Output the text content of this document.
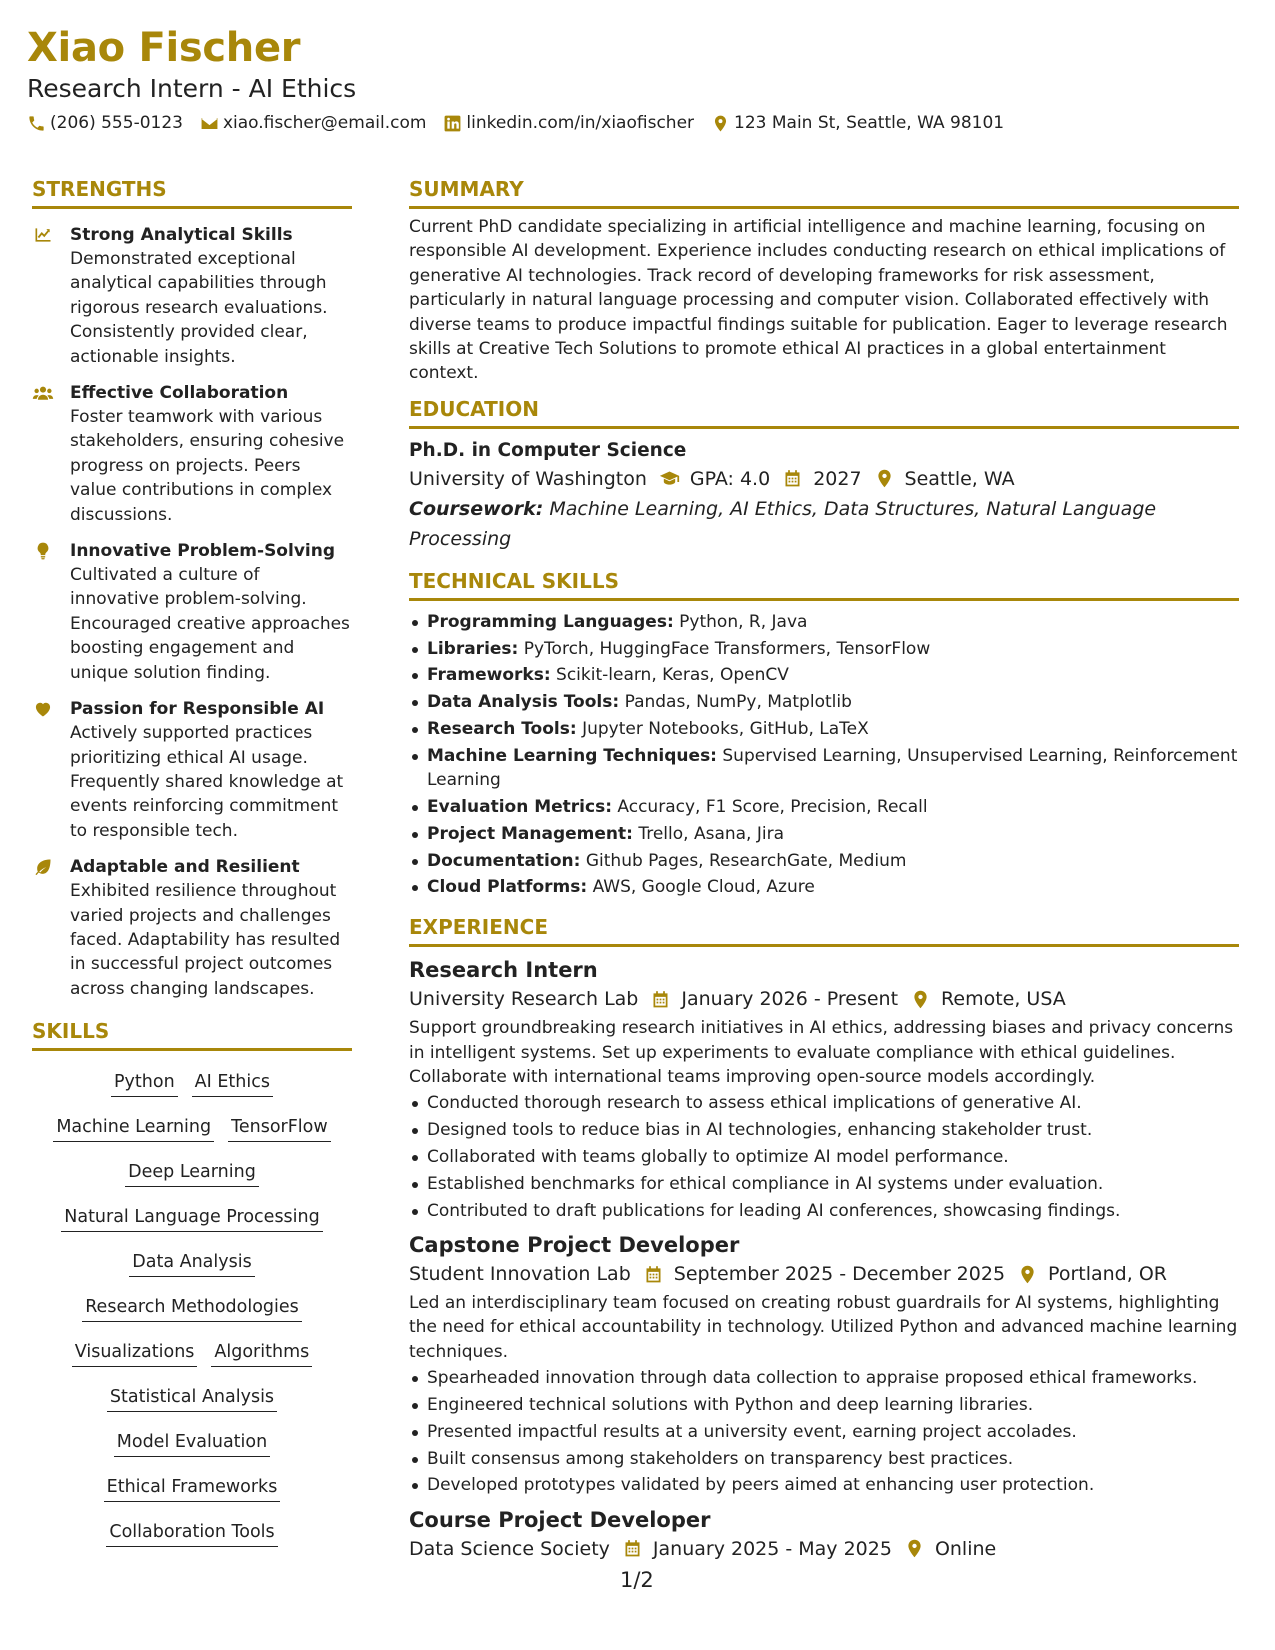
Xiao Fischer
Research Intern - AI Ethics
(206) 555-0123 xiao.fischer@email.com linkedin.com/in/xiaofischer 123 Main St, Seattle, WA 98101
STRENGTHS
Strong Analytical Skills
Demonstrated exceptional analytical capabilities through rigorous research evaluations. Consistently provided clear, actionable insights.
Effective Collaboration
Foster teamwork with various stakeholders, ensuring cohesive progress on projects. Peers value contributions in complex discussions.
Innovative Problem-Solving
Cultivated a culture of innovative problem-solving. Encouraged creative approaches boosting engagement and unique solution finding.
Passion for Responsible AI
Actively supported practices prioritizing ethical AI usage. Frequently shared knowledge at events reinforcing commitment to responsible tech.
Adaptable and Resilient
Exhibited resilience throughout varied projects and challenges faced. Adaptability has resulted in successful project outcomes across changing landscapes.
SKILLS
Python AI Ethics
Machine Learning TensorFlow
Deep Learning
Natural Language Processing
Data Analysis
Research Methodologies
Visualizations Algorithms
Statistical Analysis
Model Evaluation
Ethical Frameworks
Collaboration Tools
SUMMARY
Current PhD candidate specializing in artificial intelligence and machine learning, focusing on responsible AI development. Experience includes conducting research on ethical implications of generative AI technologies. Track record of developing frameworks for risk assessment, particularly in natural language processing and computer vision. Collaborated effectively with diverse teams to produce impactful findings suitable for publication. Eager to leverage research skills at Creative Tech Solutions to promote ethical AI practices in a global entertainment context.
EDUCATION
Ph.D. in Computer Science
University of Washington GPA: 4.0 2027 Seattle, WA
Coursework: Machine Learning, AI Ethics, Data Structures, Natural Language Processing
TECHNICAL SKILLS
Programming Languages: Python, R, Java
Libraries: PyTorch, HuggingFace Transformers, TensorFlow
Frameworks: Scikit-learn, Keras, OpenCV
Data Analysis Tools: Pandas, NumPy, Matplotlib
Research Tools: Jupyter Notebooks, GitHub, LaTeX
Machine Learning Techniques: Supervised Learning, Unsupervised Learning, Reinforcement Learning
Evaluation Metrics: Accuracy, F1 Score, Precision, Recall
Project Management: Trello, Asana, Jira
Documentation: Github Pages, ResearchGate, Medium
Cloud Platforms: AWS, Google Cloud, Azure
EXPERIENCE
Research Intern
University Research Lab January 2026 - Present Remote, USA
Support groundbreaking research initiatives in AI ethics, addressing biases and privacy concerns in intelligent systems. Set up experiments to evaluate compliance with ethical guidelines. Collaborate with international teams improving open-source models accordingly.
Conducted thorough research to assess ethical implications of generative AI.
Designed tools to reduce bias in AI technologies, enhancing stakeholder trust.
Collaborated with teams globally to optimize AI model performance.
Established benchmarks for ethical compliance in AI systems under evaluation.
Contributed to draft publications for leading AI conferences, showcasing findings.
Capstone Project Developer
Student Innovation Lab September 2025 - December 2025 Portland, OR
Led an interdisciplinary team focused on creating robust guardrails for AI systems, highlighting the need for ethical accountability in technology. Utilized Python and advanced machine learning techniques.
Spearheaded innovation through data collection to appraise proposed ethical frameworks.
Engineered technical solutions with Python and deep learning libraries.
Presented impactful results at a university event, earning project accolades.
Built consensus among stakeholders on transparency best practices.
Developed prototypes validated by peers aimed at enhancing user protection.
Course Project Developer
Data Science Society January 2025 - May 2025 Online
1/2
